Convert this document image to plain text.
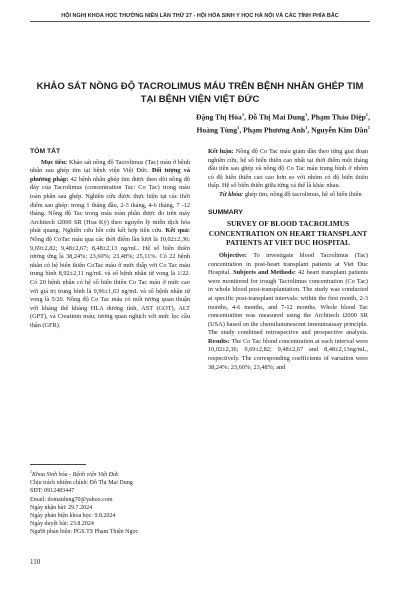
HỘI NGHỊ KHOA HỌC THƯỜNG NIÊN LẦN THỨ 27 - HỘI HÓA SINH Y HỌC HÀ NỘI VÀ CÁC TỈNH PHÍA BẮC
KHẢO SÁT NỒNG ĐỘ TACROLIMUS MÁU TRÊN BỆNH NHÂN GHÉP TIM
TẠI BỆNH VIỆN VIỆT ĐỨC
Đặng Thị Hòa$^1$, Đỗ Thị Mai Dung$^1$, Phạm Thảo Diệp$^1$,
Hoàng Tùng$^1$, Phạm Phương Anh$^1$, Nguyễn Kim Dần$^1$
TÓM TẮT

Mục tiêu: Khảo sát nồng độ Tacrolimus (Tac) máu ở bệnh nhân sau ghép tim tại bệnh viện Việt Đức. Đối tượng và phương pháp: 42 bệnh nhân ghép tim được theo dõi nồng độ đáy của Tacrolimus (concentration Tac: Co Tac) trong máu toàn phần sau ghép. Nghiên cứu được thực hiện tại các thời điểm sau ghép: trong 1 tháng đầu, 2-3 tháng, 4-6 tháng, 7 -12 tháng. Nồng độ Tac trong máu toàn phần được đo trên máy Architech i2000 SR (Hoa Kỳ) theo nguyên lý miễn dịch hóa phát quang. Nghiên cứu hồi cứu kết hợp tiến cứu. Kết quả: Nồng độ CoTac máu qua các thời điểm lần lượt là 10,02±2,36; 9,69±2,82; 9,48±2,67; 8,48±2,13 ng/mL. Hệ số biến thiên tương ứng là 38,24%; 23,60%; 23,48%; 25,11%. Có 22 bệnh nhân có hệ biến thiên CoTac máu ở mức thấp với Co Tac máu trung bình 8,92±2,11 ng/mL và số bệnh nhân từ vong là 1/22. Có 20 bệnh nhân có hệ số biến thiên Co Tac máu ở mức cao với giá trị trung bình là 9,96±1,63 ng/mL và số bệnh nhân tử vong là 5/20. Nồng độ Co Tac máu có mối tương quan thuận với kháng thể kháng HLA dương tính, AST (GOT), ALT (GPT), và Creatinin máu; tương quan nghịch với mức lọc cầu thận (GFR).

Kết luận: Nồng độ Co Tac máu giảm dần theo từng giai đoạn nghiên cứu, hệ số biến thiên cao nhất tại thời điểm một tháng đầu tiên sau ghép và nồng độ Co Tac máu trung bình ở nhóm có độ biến thiên cao cao hơn so với nhóm có độ biến thiên thấp. Hệ số biến thiên giữa từng cá thể là khác nhau.

Từ khóa: ghép tim, nồng độ tacrolimus, hệ số biến thiên

SUMMARY
SURVEY OF BLOOD TACROLIMUS CONCENTRATION ON HEART TRANSPLANT PATIENTS AT VIET DUC HOSPITAL

Objective: To investigate blood Tacrolimus (Tac) concentration in post-heart transplant patients at Viet Duc Hospital. Subjects and Methods: 42 heart transplant patients were monitored for trough Tacrolimus concentration (Co Tac) in whole blood post-transplantation. The study was conducted at specific post-transplant intervals: within the first month, 2-3 months, 4-6 months, and 7-12 months. Whole blood Tac concentration was measured using the Architech i2000 SR (USA) based on the chemiluminescent immunoassay principle. The study combined retrospective and prospective analysis. Results: The Co Tac blood concentration at each interval were 10,02±2,36; 9,69±2,82; 9,48±2,67 and 8,48±2,13ng/mL, respectively. The corresponding coefficients of variation were 38,24%; 23,60%; 23,48%; and

$^1$Khoa Sinh hóa - Bệnh viện Việt Đức
Chịu trách nhiệm chính: Đỗ Thị Mai Dung
SĐT: 0912483447
Email: domaidung70@yahoo.com
Ngày nhận bài: 29.7.2024
Ngày phản biện khoa học: 9.8.2024
Ngày duyệt bài: 23.8.2024
Người phản biện: PGS.TS Phạm Thiện Ngọc
110
